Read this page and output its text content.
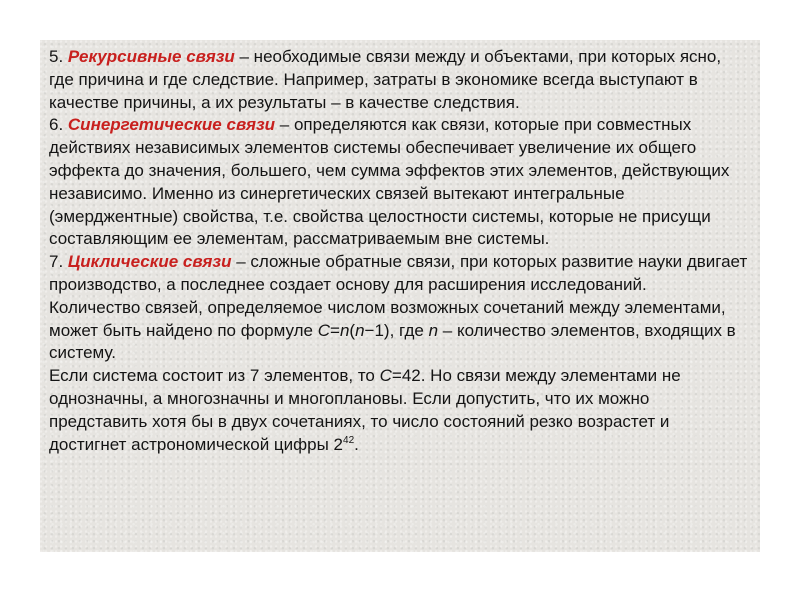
5. Рекурсивные связи – необходимые связи между и объектами, при которых ясно, где причина и где следствие. Например, затраты в экономике всегда выступают в качестве причины, а их результаты – в качестве следствия.

6. Синергетические связи – определяются как связи, которые при совместных действиях независимых элементов системы обеспечивает увеличение их общего эффекта до значения, большего, чем сумма эффектов этих элементов, действующих независимо. Именно из синергетических связей вытекают интегральные (эмерджентные) свойства, т.е. свойства целостности системы, которые не присущи составляющим ее элементам, рассматриваемым вне системы.

7. Циклические связи – сложные обратные связи, при которых развитие науки двигает производство, а последнее создает основу для расширения исследований.

Количество связей, определяемое числом возможных сочетаний между элементами, может быть найдено по формуле C=n(n−1), где n – количество элементов, входящих в систему.

Если система состоит из 7 элементов, то C=42. Но связи между элементами не однозначны, а многозначны и многоплановы. Если допустить, что их можно представить хотя бы в двух сочетаниях, то число состояний резко возрастет и достигнет астрономической цифры $2^{42}$.
